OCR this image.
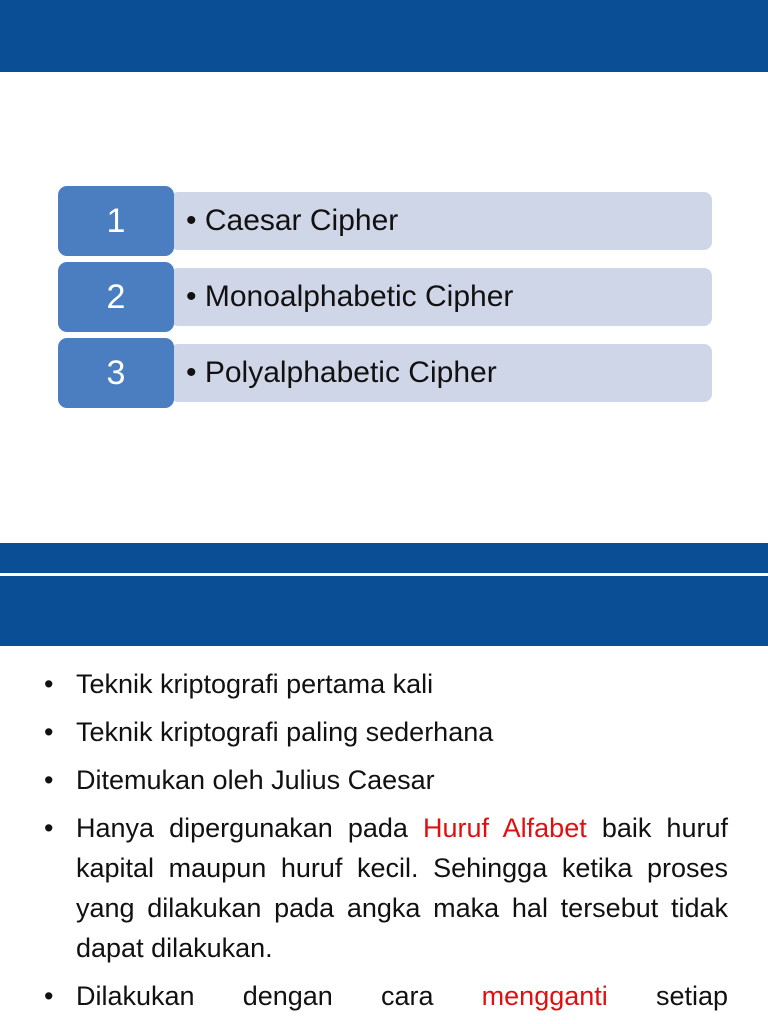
1	• Caesar Cipher
2	• Monoalphabetic Cipher
3	• Polyalphabetic Cipher
• Teknik kriptografi pertama kali
• Teknik kriptografi paling sederhana
• Ditemukan oleh Julius Caesar
• Hanya dipergunakan pada Huruf Alfabet baik huruf kapital maupun huruf kecil. Sehingga ketika proses yang dilakukan pada angka maka hal tersebut tidak dapat dilakukan.
• Dilakukan dengan cara mengganti setiap
